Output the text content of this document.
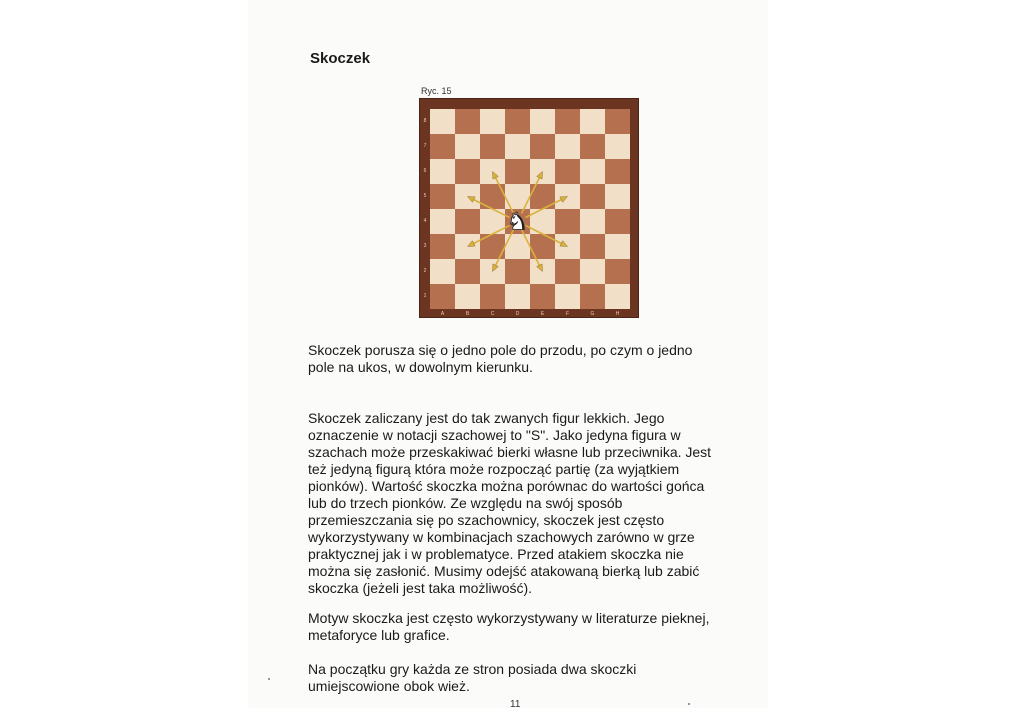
Skoczek
Ryc. 15
8
7
6
5
4
3
2
1
♞
A	B	C	D	E	F	G	H

Skoczek porusza się o jedno pole do przodu, po czym o jedno
pole na ukos, w dowolnym kierunku.

Skoczek zaliczany jest do tak zwanych figur lekkich. Jego
oznaczenie w notacji szachowej to "S". Jako jedyna figura w
szachach może przeskakiwać bierki własne lub przeciwnika. Jest
też jedyną figurą która może rozpocząć partię (za wyjątkiem
pionków). Wartość skoczka można porównac do wartości gońca
lub do trzech pionków. Ze względu na swój sposób
przemieszczania się po szachownicy, skoczek jest często
wykorzystywany w kombinacjach szachowych zarówno w grze
praktycznej jak i w problematyce. Przed atakiem skoczka nie
można się zasłonić. Musimy odejść atakowaną bierką lub zabić
skoczka (jeżeli jest taka możliwość).

Motyw skoczka jest często wykorzystywany w literaturze pieknej,
metaforyce lub grafice.

Na początku gry każda ze stron posiada dwa skoczki
umiejscowione obok wież.

11
